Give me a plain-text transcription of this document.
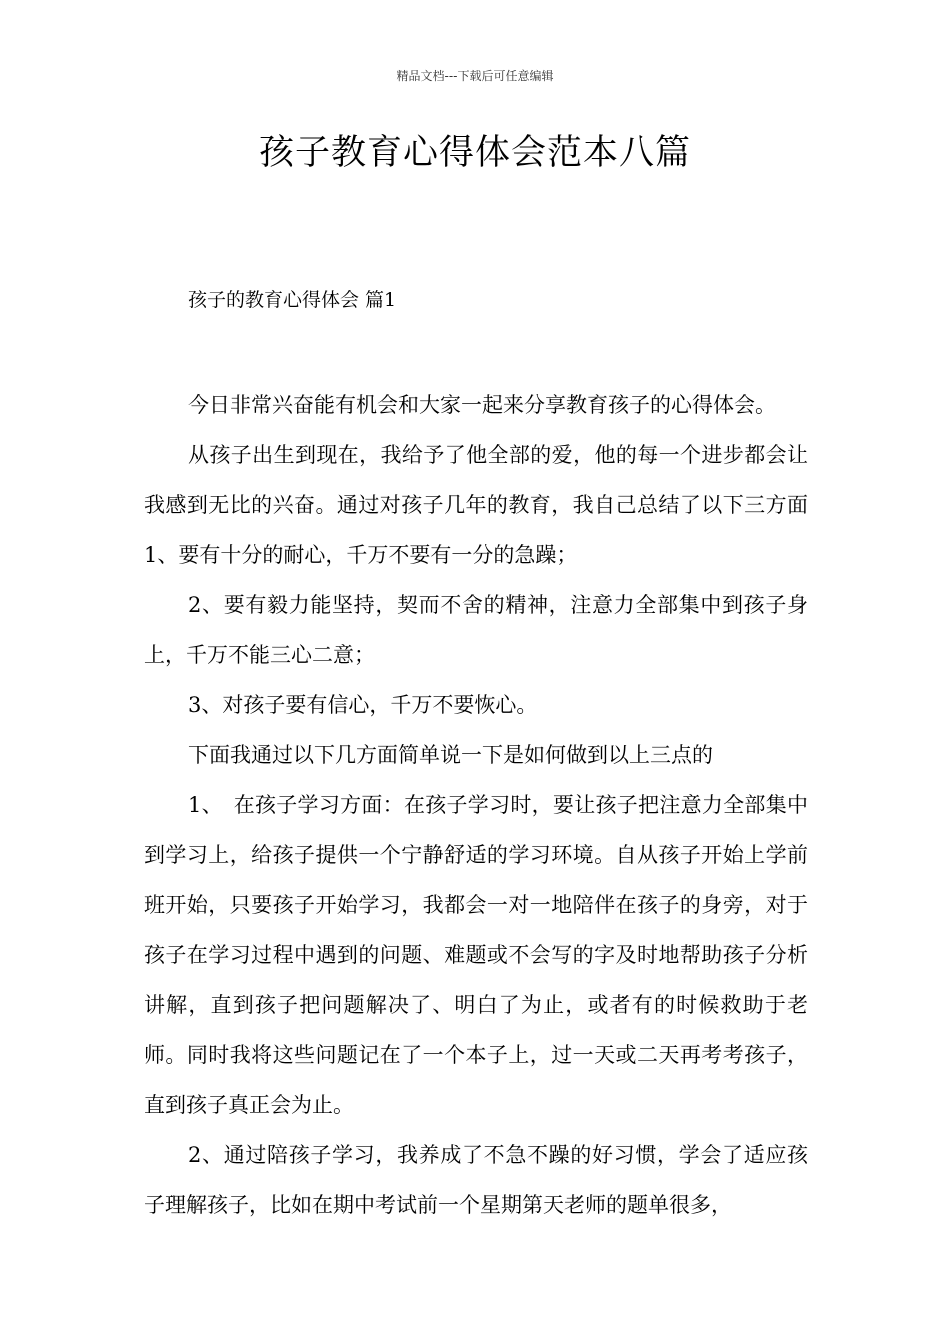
精品文档---下载后可任意编辑
孩子教育心得体会范本八篇
孩子的教育心得体会 篇1

今日非常兴奋能有机会和大家一起来分享教育孩子的心得体会。

从孩子出生到现在，我给予了他全部的爱，他的每一个进步都会让我感到无比的兴奋。通过对孩子几年的教育，我自己总结了以下三方面1、要有十分的耐心，千万不要有一分的急躁；

2、要有毅力能坚持，契而不舍的精神，注意力全部集中到孩子身上，千万不能三心二意；

3、对孩子要有信心，千万不要恢心。

下面我通过以下几方面简单说一下是如何做到以上三点的

1、　在孩子学习方面：在孩子学习时，要让孩子把注意力全部集中到学习上，给孩子提供一个宁静舒适的学习环境。自从孩子开始上学前班开始，只要孩子开始学习，我都会一对一地陪伴在孩子的身旁，对于孩子在学习过程中遇到的问题、难题或不会写的字及时地帮助孩子分析讲解，直到孩子把问题解决了、明白了为止，或者有的时候救助于老师。同时我将这些问题记在了一个本子上，过一天或二天再考考孩子，直到孩子真正会为止。

2、通过陪孩子学习，我养成了不急不躁的好习惯，学会了适应孩子理解孩子，比如在期中考试前一个星期第天老师的题单很多，
